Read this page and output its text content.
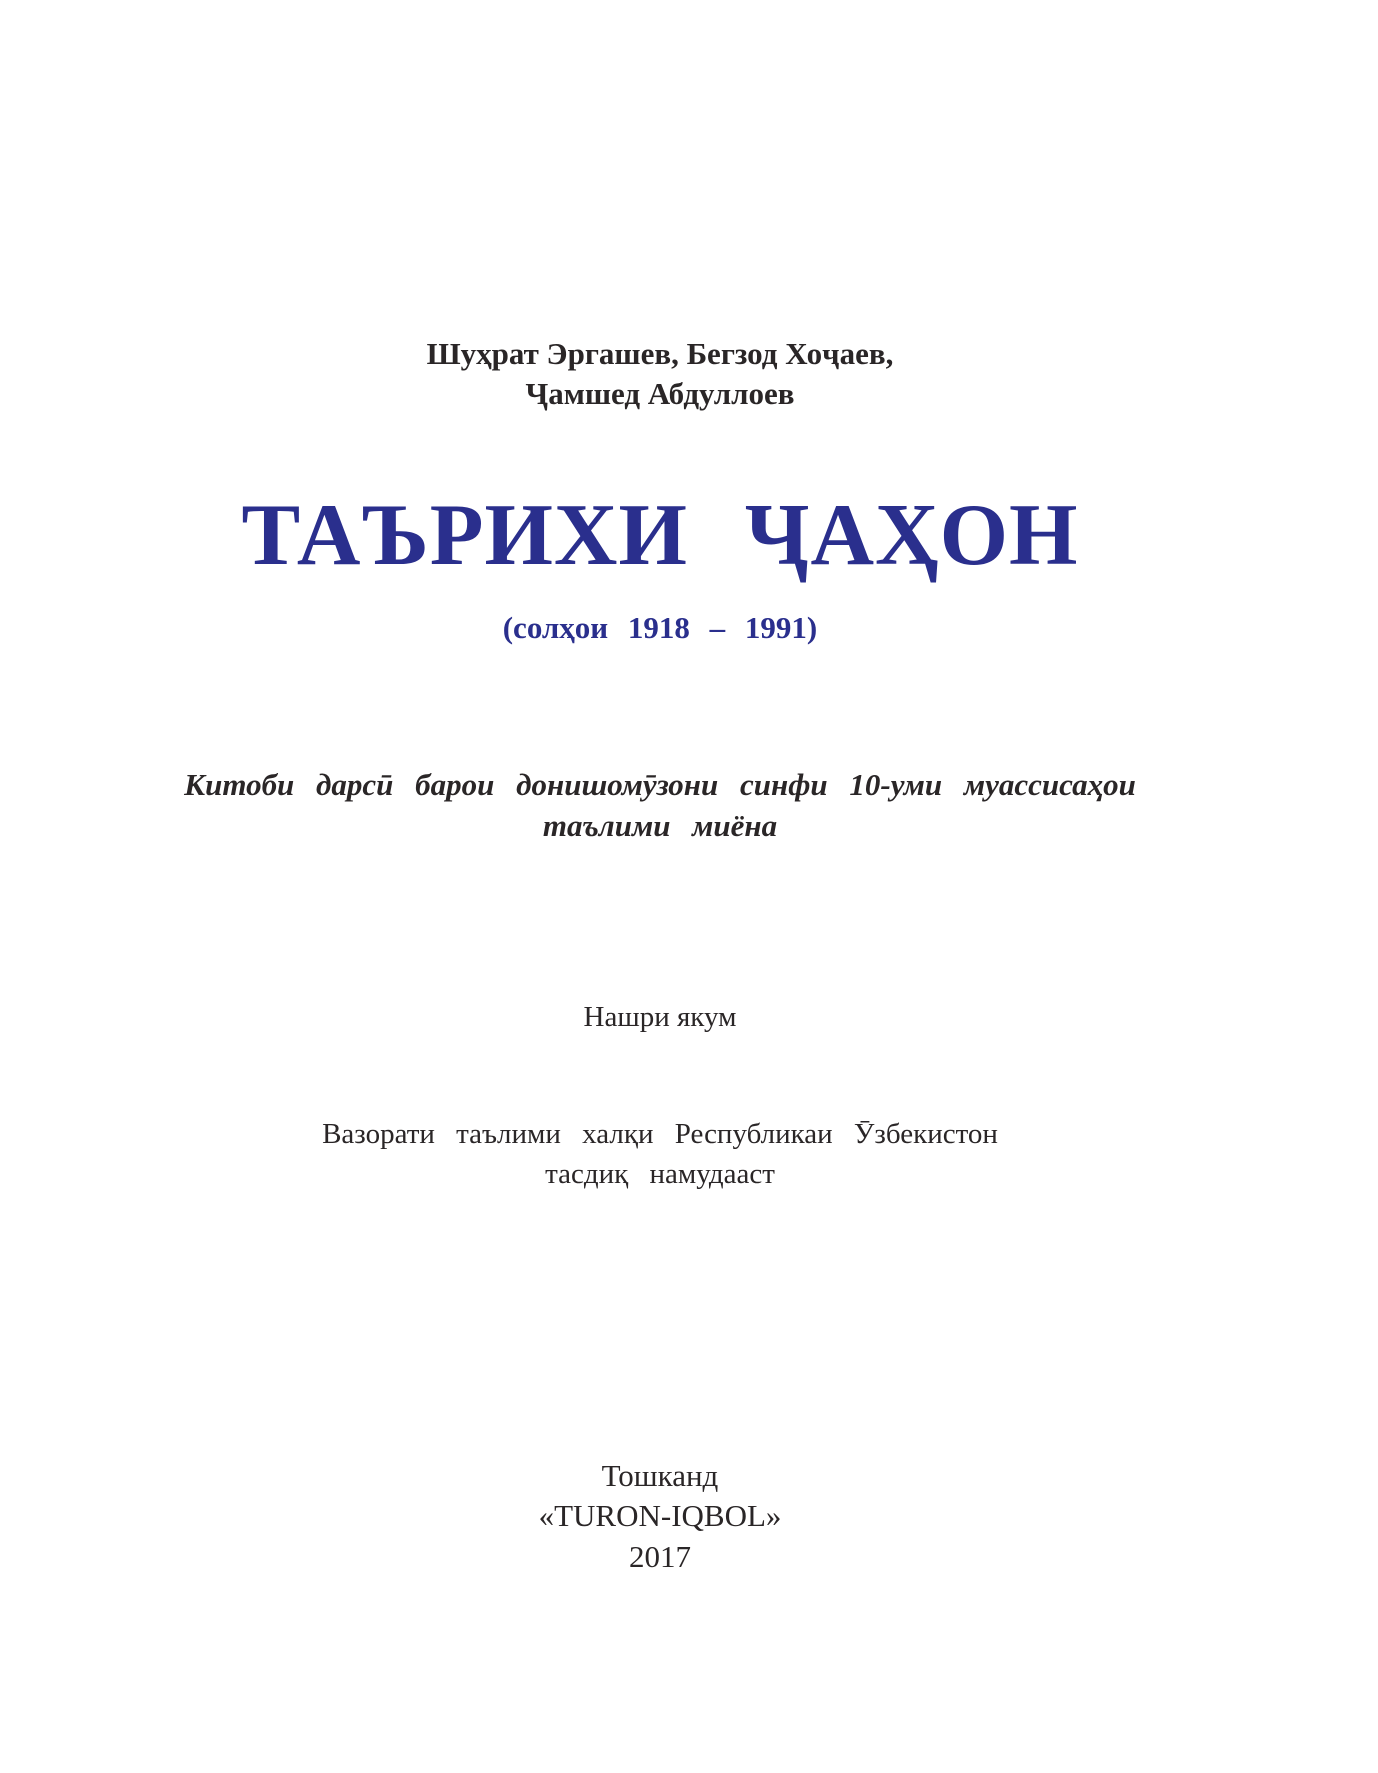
Шуҳрат Эргашев, Бегзод Хоҷаев,
Ҷамшед Абдуллоев
ТАЪРИХИ ҶАҲОН
(солҳои 1918 – 1991)
Китоби дарсӣ барои донишомӯзони синфи 10-уми муассисаҳои
таълими миёна
Нашри якум
Вазорати таълими халқи Республикаи Ӯзбекистон
тасдиқ намудааст
Тошканд
«TURON-IQBOL»
2017
